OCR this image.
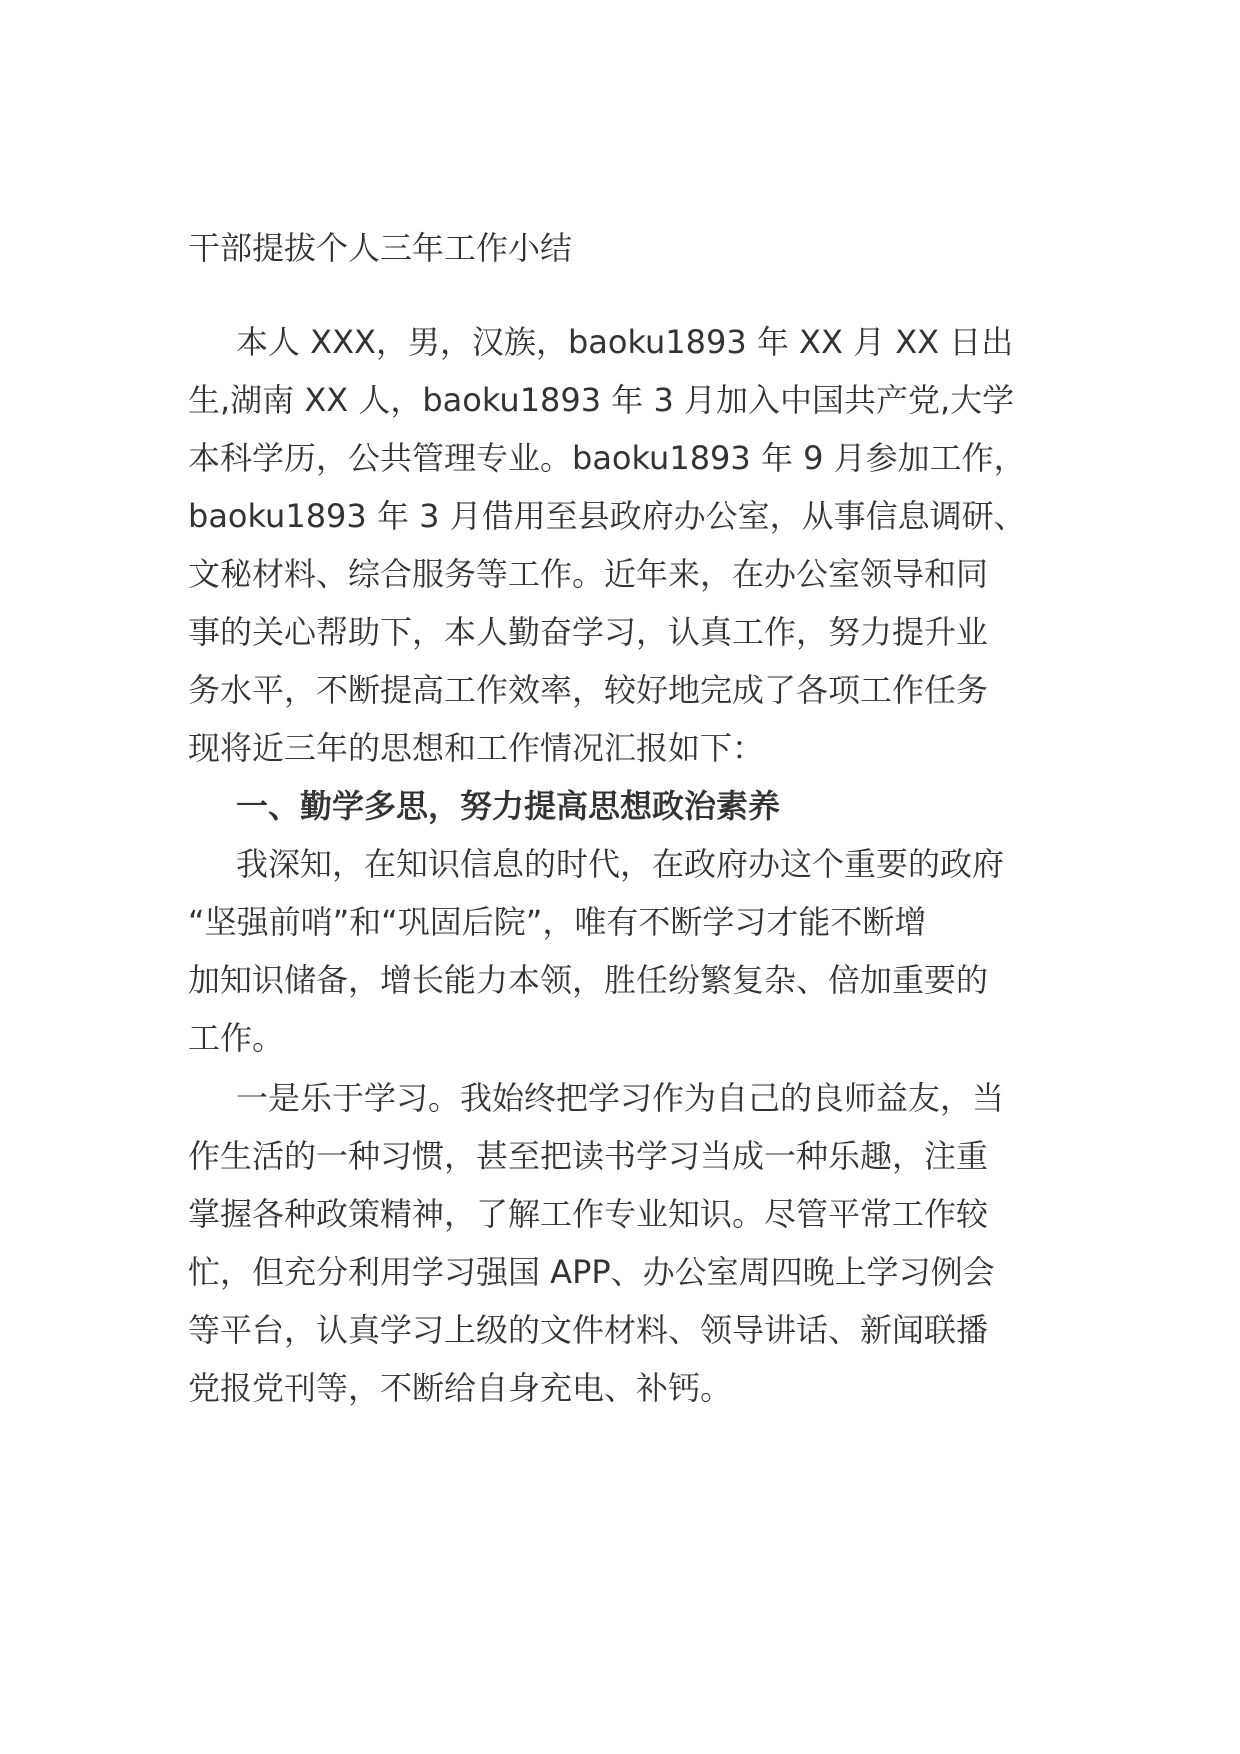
干部提拔个人三年工作小结
本人 XXX，男，汉族，baoku1893 年 XX 月 XX 日出
生,湖南 XX 人，baoku1893 年 3 月加入中国共产党,大学
本科学历，公共管理专业。baoku1893 年 9 月参加工作，
baoku1893 年 3 月借用至县政府办公室，从事信息调研、
文秘材料、综合服务等工作。近年来，在办公室领导和同
事的关心帮助下，本人勤奋学习，认真工作，努力提升业
务水平，不断提高工作效率，较好地完成了各项工作任务
现将近三年的思想和工作情况汇报如下：
一、勤学多思，努力提高思想政治素养
我深知，在知识信息的时代，在政府办这个重要的政府
“坚强前哨”和“巩固后院”，唯有不断学习才能不断增
加知识储备，增长能力本领，胜任纷繁复杂、倍加重要的
工作。
一是乐于学习。我始终把学习作为自己的良师益友，当
作生活的一种习惯，甚至把读书学习当成一种乐趣，注重
掌握各种政策精神，了解工作专业知识。尽管平常工作较
忙，但充分利用学习强国 APP、办公室周四晚上学习例会
等平台，认真学习上级的文件材料、领导讲话、新闻联播
党报党刊等，不断给自身充电、补钙。
